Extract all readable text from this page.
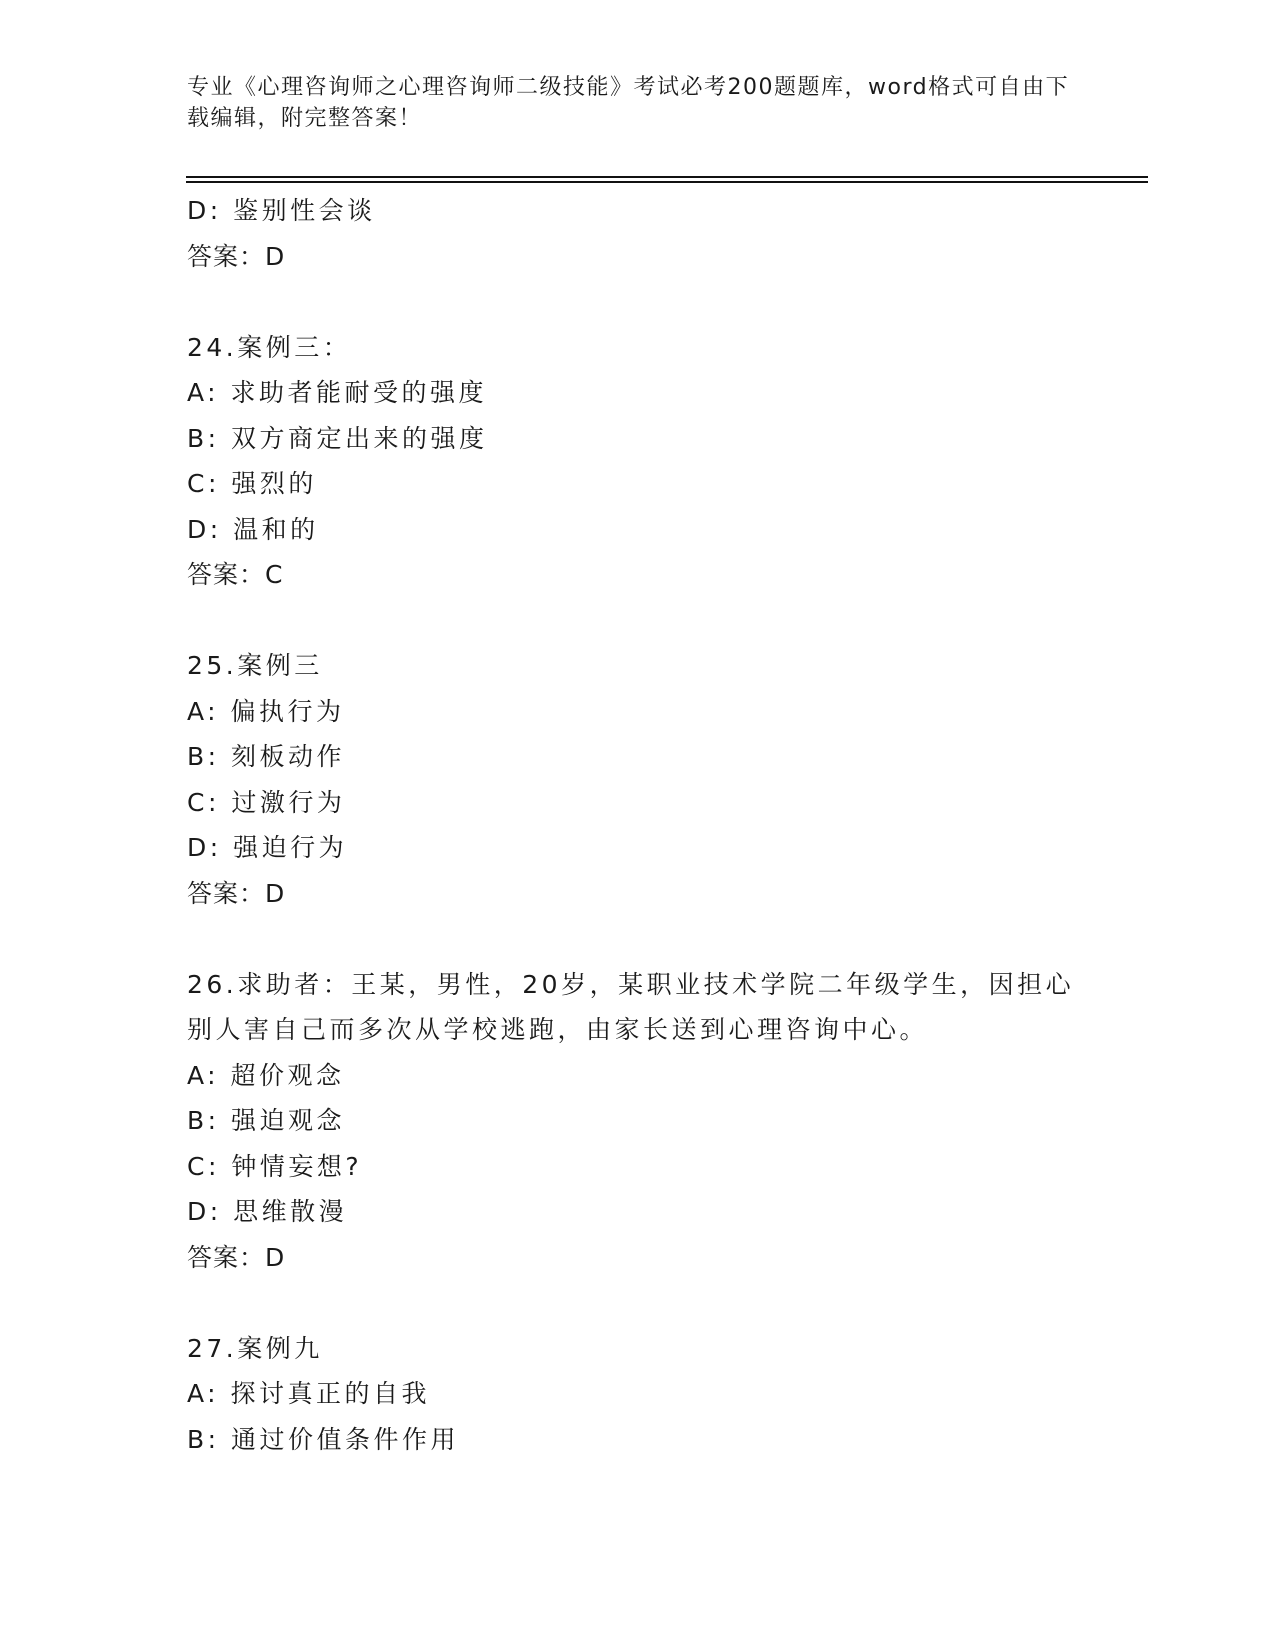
专业《心理咨询师之心理咨询师二级技能》考试必考200题题库，word格式可自由下载编辑，附完整答案！

D: 鉴别性会谈
答案：D
24.案例三：
A: 求助者能耐受的强度
B: 双方商定出来的强度
C: 强烈的
D: 温和的
答案：C
25.案例三
A: 偏执行为
B: 刻板动作
C: 过激行为
D: 强迫行为
答案：D
26.求助者：王某，男性，20岁，某职业技术学院二年级学生，因担心
别人害自己而多次从学校逃跑，由家长送到心理咨询中心。
A: 超价观念
B: 强迫观念
C: 钟情妄想?
D: 思维散漫
答案：D
27.案例九
A: 探讨真正的自我
B: 通过价值条件作用
